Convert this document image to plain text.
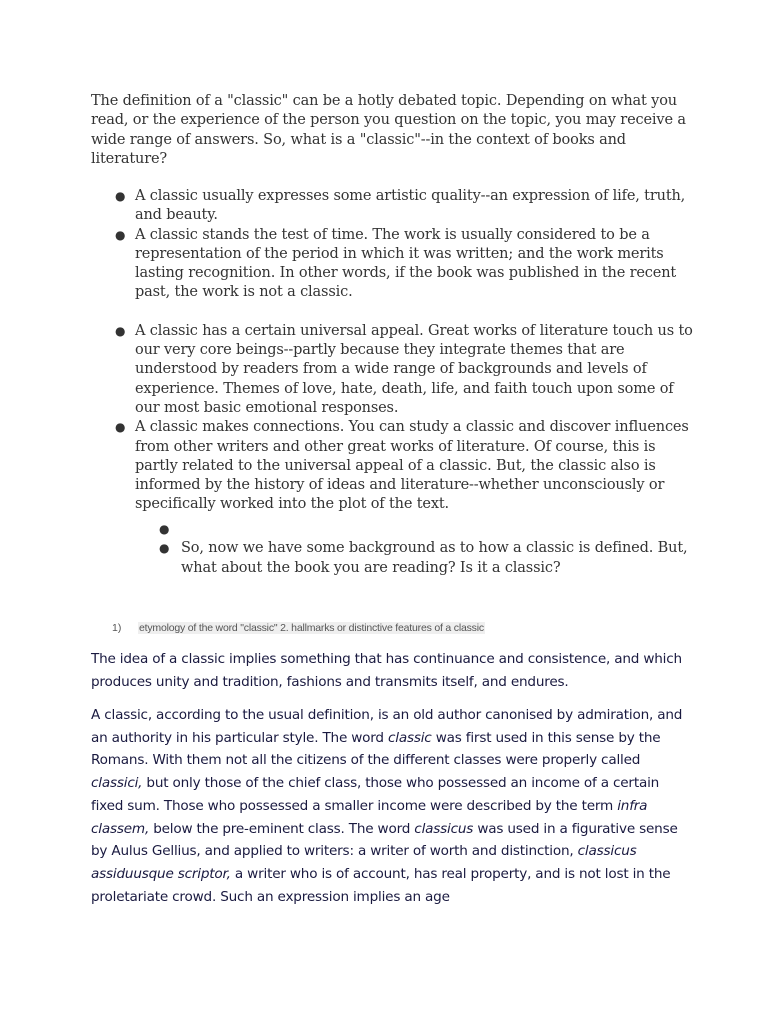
The definition of a "classic" can be a hotly debated topic. Depending on what you read, or the experience of the person you question on the topic, you may receive a wide range of answers. So, what is a "classic"--in the context of books and literature?

● A classic usually expresses some artistic quality--an expression of life, truth, and beauty.
● A classic stands the test of time. The work is usually considered to be a representation of the period in which it was written; and the work merits lasting recognition. In other words, if the book was published in the recent past, the work is not a classic.
● A classic has a certain universal appeal. Great works of literature touch us to our very core beings--partly because they integrate themes that are understood by readers from a wide range of backgrounds and levels of experience. Themes of love, hate, death, life, and faith touch upon some of our most basic emotional responses.
● A classic makes connections. You can study a classic and discover influences from other writers and other great works of literature. Of course, this is partly related to the universal appeal of a classic. But, the classic also is informed by the history of ideas and literature--whether unconsciously or specifically worked into the plot of the text.
●
● So, now we have some background as to how a classic is defined. But, what about the book you are reading? Is it a classic?

1) etymology of the word "classic" 2. hallmarks or distinctive features of a classic

The idea of a classic implies something that has continuance and consistence, and which produces unity and tradition, fashions and transmits itself, and endures.

A classic, according to the usual definition, is an old author canonised by admiration, and an authority in his particular style. The word classic was first used in this sense by the Romans. With them not all the citizens of the different classes were properly called classici, but only those of the chief class, those who possessed an income of a certain fixed sum. Those who possessed a smaller income were described by the term infra classem, below the pre-eminent class. The word classicus was used in a figurative sense by Aulus Gellius, and applied to writers: a writer of worth and distinction, classicus assiduusque scriptor, a writer who is of account, has real property, and is not lost in the proletariate crowd. Such an expression implies an age
